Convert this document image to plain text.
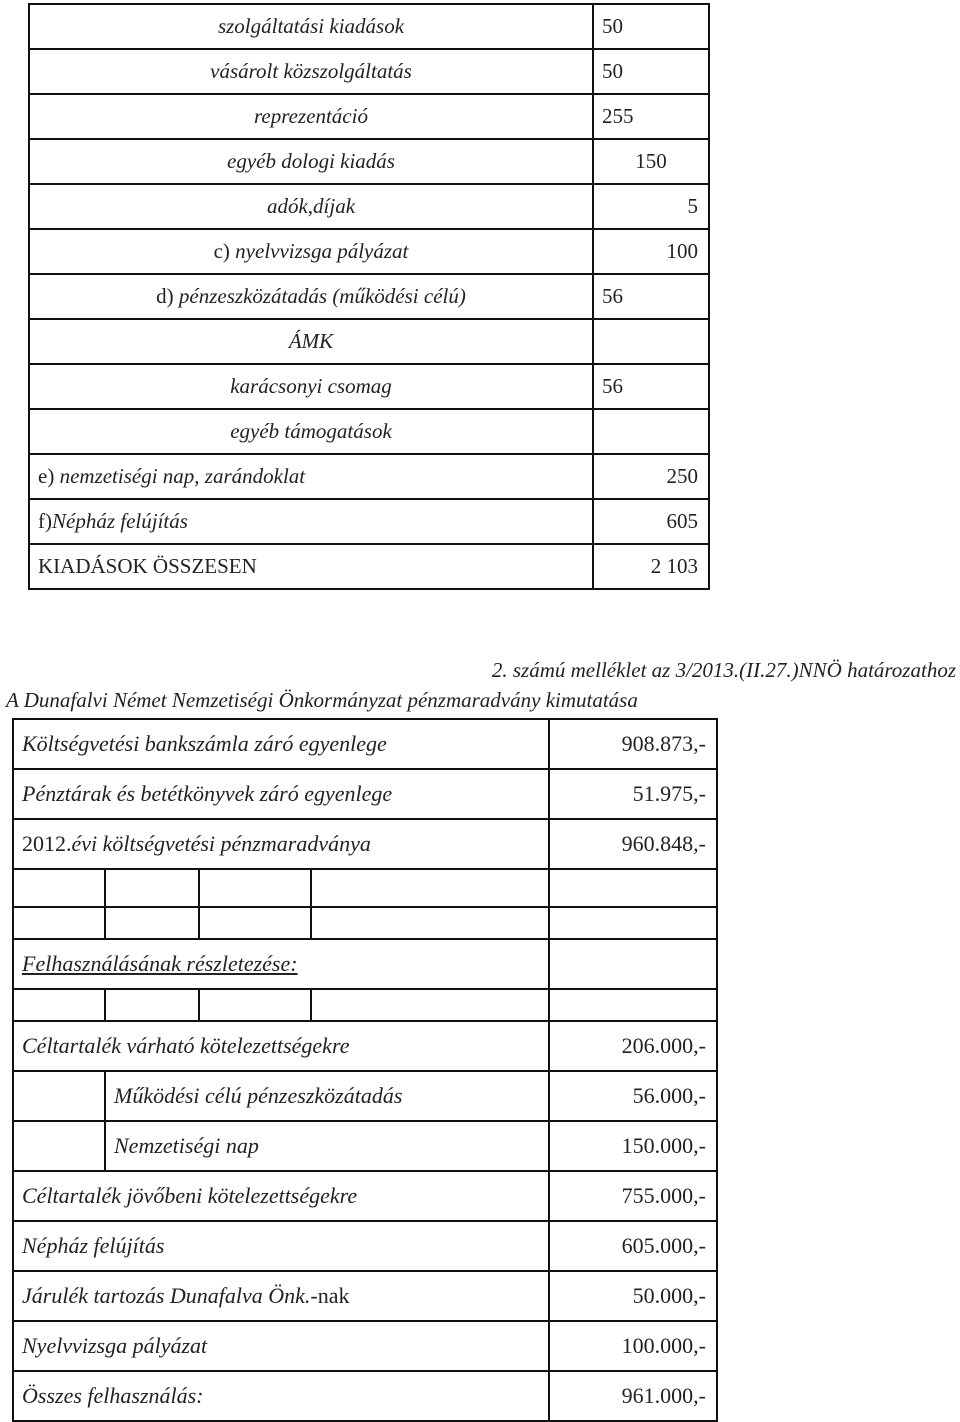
szolgáltatási kiadások	50
vásárolt közszolgáltatás	50
reprezentáció	255
egyéb dologi kiadás	150
adók,díjak	5
c) nyelvvizsga pályázat	100
d) pénzeszközátadás (működési célú)	56
ÁMK	
karácsonyi csomag	56
egyéb támogatások	
e) nemzetiségi nap, zarándoklat	250
f)Népház felújítás	605
KIADÁSOK ÖSSZESEN	2 103
2. számú melléklet az 3/2013.(II.27.)NNÖ határozathoz
A Dunafalvi Német Nemzetiségi Önkormányzat pénzmaradvány kimutatása
Költségvetési bankszámla záró egyenlege				908.873,-
Pénztárak és betétkönyvek záró egyenlege				51.975,-
2012.évi költségvetési pénzmaradványa				960.848,-

Felhasználásának részletezése:				

Céltartalék várható kötelezettségekre				206.000,-
	Működési célú pénzeszközátadás			56.000,-
	Nemzetiségi nap			150.000,-
Céltartalék jövőbeni kötelezettségekre				755.000,-
Népház felújítás				605.000,-
Járulék tartozás Dunafalva Önk.-nak				50.000,-
Nyelvvizsga pályázat				100.000,-
Összes felhasználás:				961.000,-
